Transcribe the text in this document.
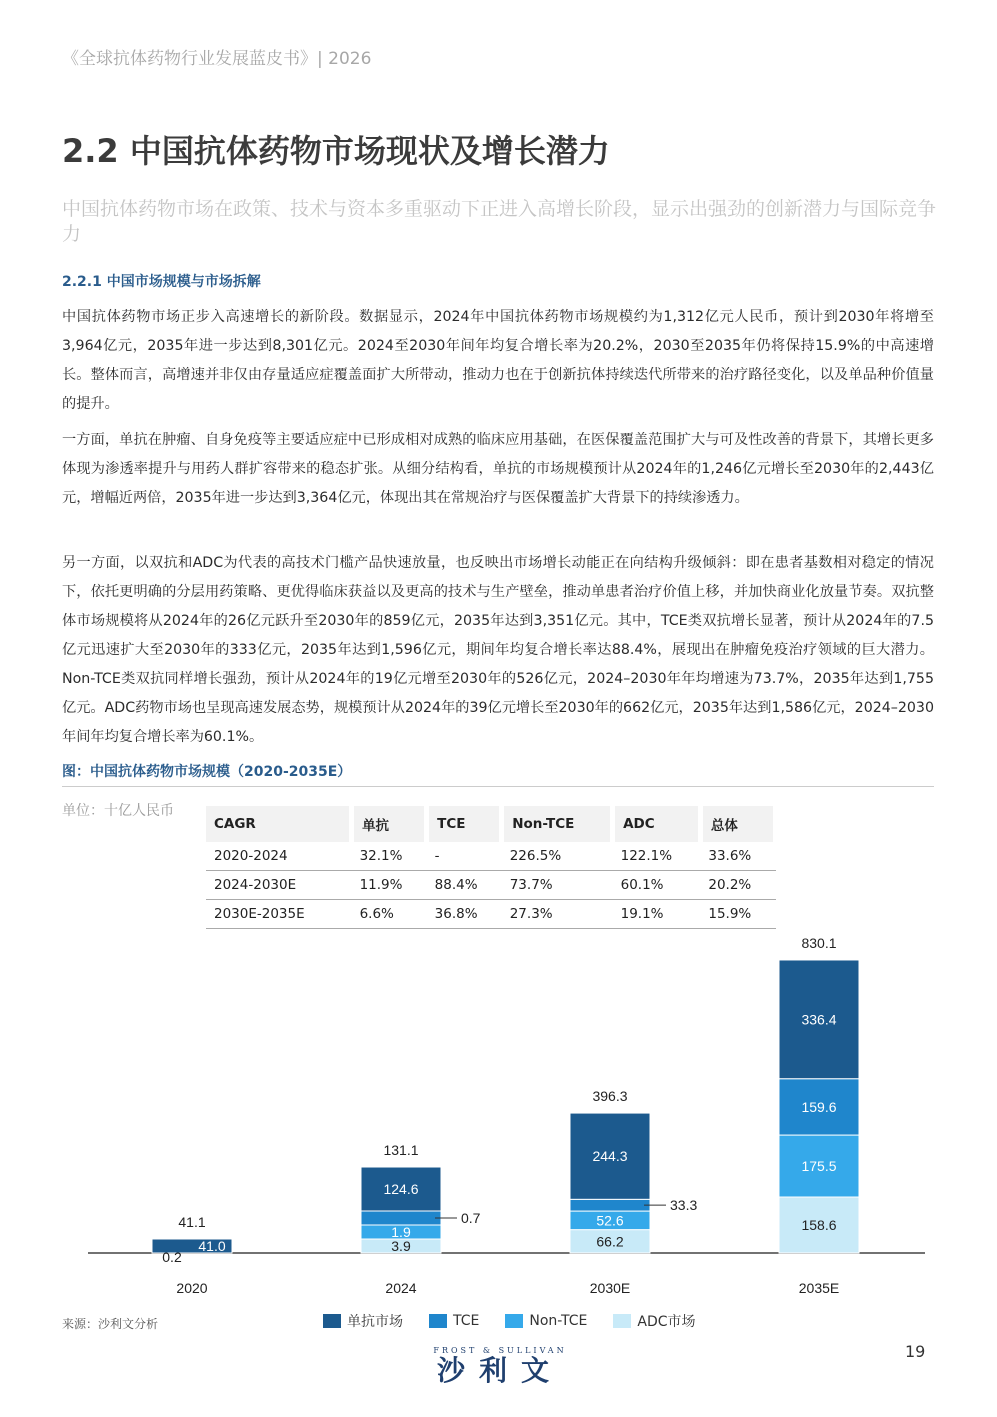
《全球抗体药物行业发展蓝皮书》| 2026
2.2 中国抗体药物市场现状及增长潜力
中国抗体药物市场在政策、技术与资本多重驱动下正进入高增长阶段，显示出强劲的创新潜力与国际竞争力
2.2.1 中国市场规模与市场拆解

中国抗体药物市场正步入高速增长的新阶段。数据显示，2024年中国抗体药物市场规模约为1,312亿元人民币，预计到2030年将增至3,964亿元，2035年进一步达到8,301亿元。2024至2030年间年均复合增长率为20.2%，2030至2035年仍将保持15.9%的中高速增长。整体而言，高增速并非仅由存量适应症覆盖面扩大所带动，推动力也在于创新抗体持续迭代所带来的治疗路径变化，以及单品种价值量的提升。

一方面，单抗在肿瘤、自身免疫等主要适应症中已形成相对成熟的临床应用基础，在医保覆盖范围扩大与可及性改善的背景下，其增长更多体现为渗透率提升与用药人群扩容带来的稳态扩张。从细分结构看，单抗的市场规模预计从2024年的1,246亿元增长至2030年的2,443亿元，增幅近两倍，2035年进一步达到3,364亿元，体现出其在常规治疗与医保覆盖扩大背景下的持续渗透力。

另一方面，以双抗和ADC为代表的高技术门槛产品快速放量，也反映出市场增长动能正在向结构升级倾斜：即在患者基数相对稳定的情况下，依托更明确的分层用药策略、更优得临床获益以及更高的技术与生产壁垒，推动单患者治疗价值上移，并加快商业化放量节奏。双抗整体市场规模将从2024年的26亿元跃升至2030年的859亿元，2035年达到3,351亿元。其中，TCE类双抗增长显著，预计从2024年的7.5亿元迅速扩大至2030年的333亿元，2035年达到1,596亿元，期间年均复合增长率达88.4%，展现出在肿瘤免疫治疗领域的巨大潜力。Non-TCE类双抗同样增长强劲，预计从2024年的19亿元增至2030年的526亿元，2024–2030年年均增速为73.7%，2035年达到1,755亿元。ADC药物市场也呈现高速发展态势，规模预计从2024年的39亿元增长至2030年的662亿元，2035年达到1,586亿元，2024–2030年间年均复合增长率为60.1%。

图：中国抗体药物市场规模（2020-2035E）
单位：十亿人民币
CAGR	单抗	TCE	Non-TCE	ADC	总体
2020-2024	32.1%	-	226.5%	122.1%	33.6%
2024-2030E	11.9%	88.4%	73.7%	60.1%	20.2%
2030E-2035E	6.6%	36.8%	27.3%	19.1%	15.9%
41.1
2020
131.1
2024
396.3
2030E
830.1
2035E
0.2
41.0	3.9
1.9
0.7
124.6
66.2
52.6
33.3
244.3
158.6
175.5
159.6
336.4
来源：沙利文分析	单抗市场	TCE	Non-TCE	ADC市场
FROST & SULLIVAN
沙利文
19
